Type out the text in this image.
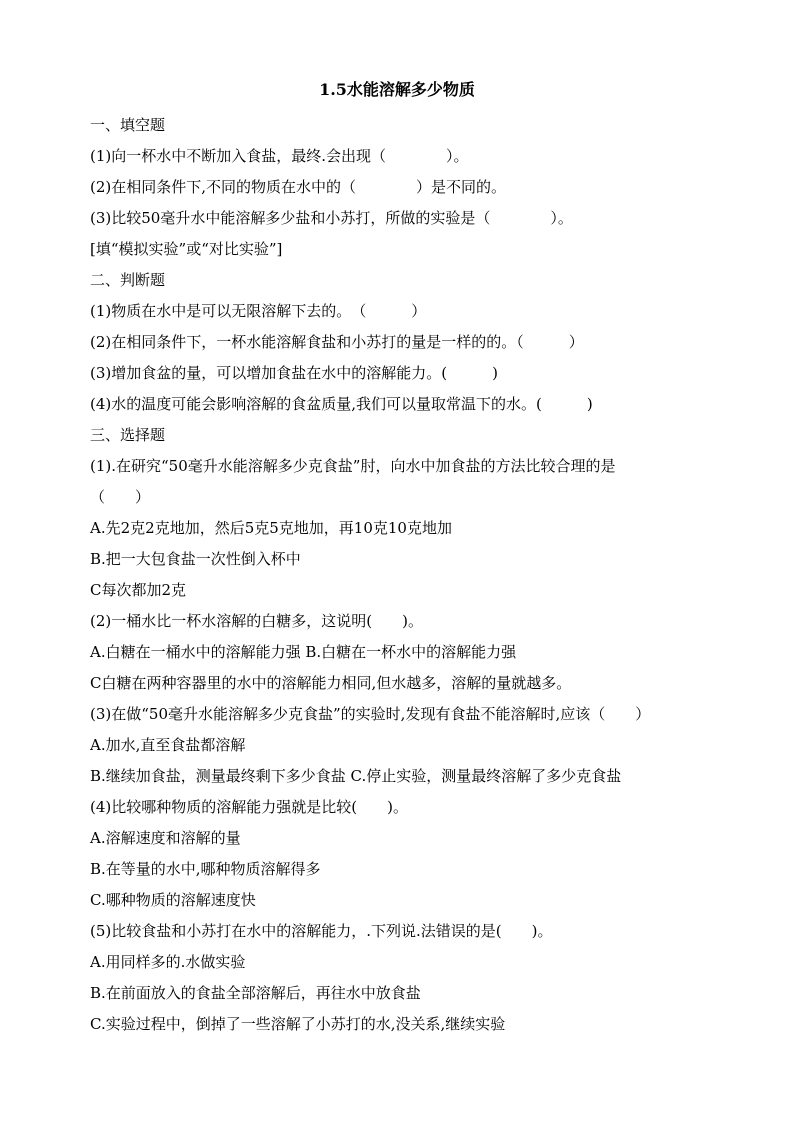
1.5水能溶解多少物质
一、填空题
(1)向一杯水中不断加入食盐，最终.会出现（　　　　）。
(2)在相同条件下,不同的物质在水中的（　　　　）是不同的。
(3)比较50毫升水中能溶解多少盐和小苏打，所做的实验是（　　　　）。
[填“模拟实验”或“对比实验”]
二、判断题
(1)物质在水中是可以无限溶解下去的。　（　　　）
(2)在相同条件下，一杯水能溶解食盐和小苏打的量是一样的的。（　　　）
(3)增加食盆的量，可以增加食盐在水中的溶解能力。(　　　)
(4)水的温度可能会影响溶解的食盆质量,我们可以量取常温下的水。(　　　)
三、选择题
(1).在研究“50毫升水能溶解多少克食盐”肘，向水中加食盐的方法比较合理的是
（　　）
A.先2克2克地加，然后5克5克地加，再10克10克地加
B.把一大包食盐一次性倒入杯中
C每次都加2克
(2)一桶水比一杯水溶解的白糖多，这说明(　　)。
A.白糖在一桶水中的溶解能力强 B.白糖在一杯水中的溶解能力强
C白糖在两种容器里的水中的溶解能力相同,但水越多，溶解的量就越多。
(3)在做“50毫升水能溶解多少克食盐”的实验时,发现有食盐不能溶解时,应该（　　）
A.加水,直至食盐都溶解
B.继续加食盐，测量最终剩下多少食盐 C.停止实验，测量最终溶解了多少克食盐
(4)比较哪种物质的溶解能力强就是比较(　　)。
A.溶解速度和溶解的量
B.在等量的水中,哪种物质溶解得多
C.哪种物质的溶解速度快
(5)比较食盐和小苏打在水中的溶解能力，.下列说.法错误的是(　　)。
A.用同样多的.水做实验
B.在前面放入的食盐全部溶解后，再往水中放食盐
C.实验过程中，倒掉了一些溶解了小苏打的水,没关系,继续实验
